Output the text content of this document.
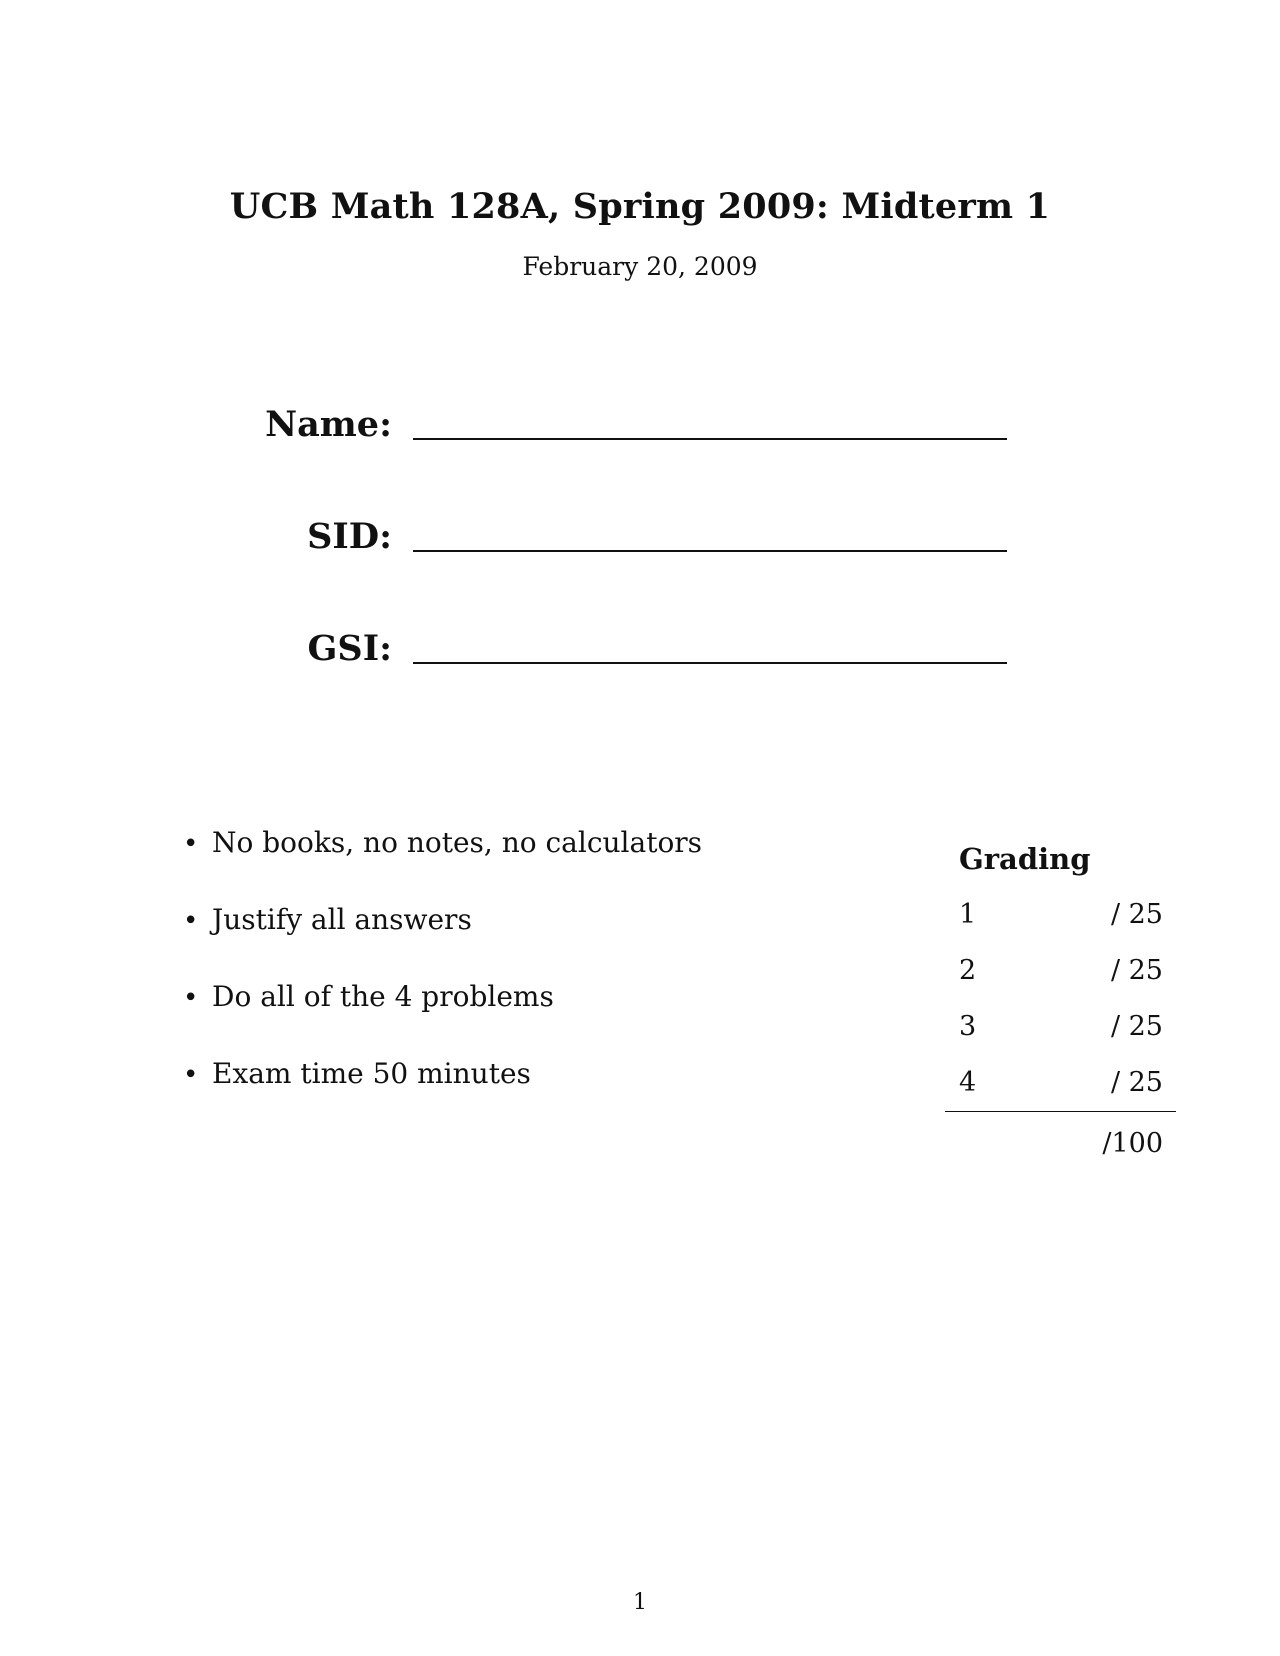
UCB Math 128A, Spring 2009: Midterm 1
February 20, 2009
Name:
SID:
GSI:
• No books, no notes, no calculators
• Justify all answers
• Do all of the 4 problems
• Exam time 50 minutes
Grading
1	/ 25
2	/ 25
3	/ 25
4	/ 25
/100
1
